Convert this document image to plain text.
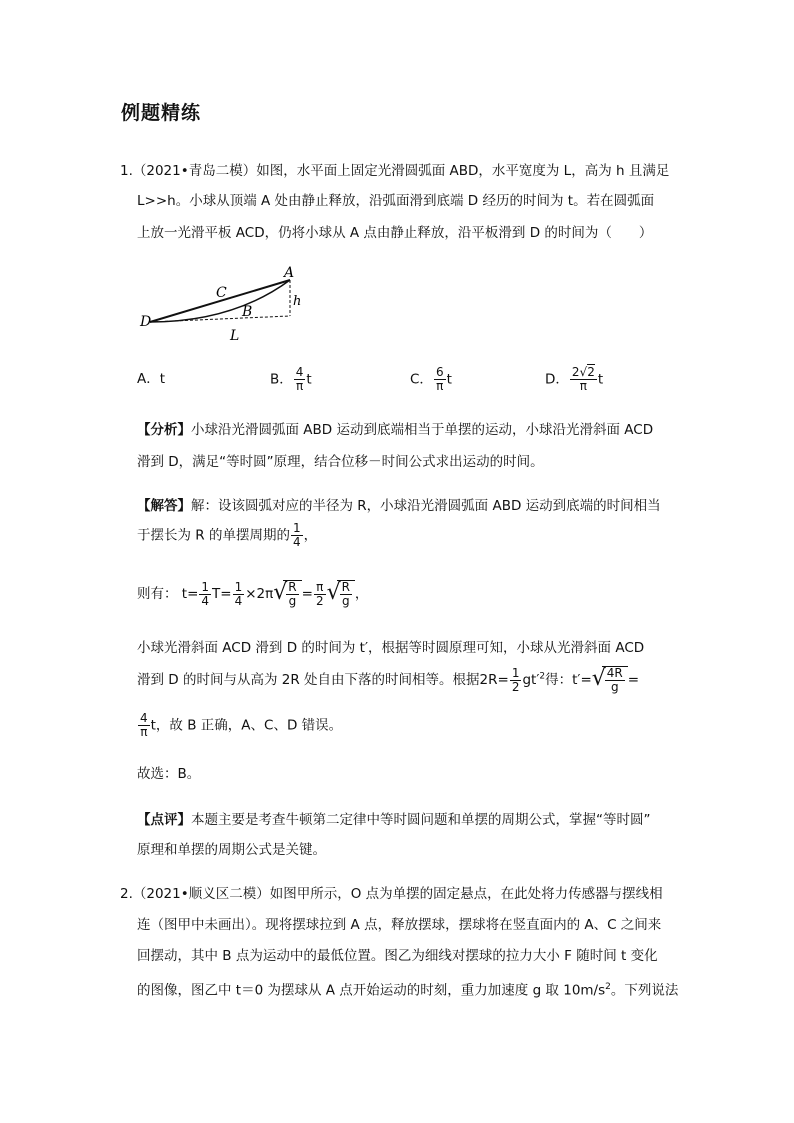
例题精练
1.（2021•青岛二模）如图，水平面上固定光滑圆弧面 ABD，水平宽度为 L，高为 h 且满足
L>>h。小球从顶端 A 处由静止释放，沿弧面滑到底端 D 经历的时间为 t。若在圆弧面
上放一光滑平板 ACD，仍将小球从 A 点由静止释放，沿平板滑到 D 的时间为（　　）
A
C
h
D
B
L
A．t	B． $\frac{4}{\pi}$ t	C． $\frac{6}{\pi}$ t	D． $\frac{2√2}{\pi}$ t
【分析】小球沿光滑圆弧面 ABD 运动到底端相当于单摆的运动，小球沿光滑斜面 ACD
滑到 D，满足“等时圆”原理，结合位移－时间公式求出运动的时间。
【解答】解：设该圆弧对应的半径为 R，小球沿光滑圆弧面 ABD 运动到底端的时间相当
于摆长为 R 的单摆周期的 $\frac{1}{4}$ ，
则有： $t= \frac{1}{4} T= \frac{1}{4} \times 2\pi$ √
$\frac{R}{g} = \frac{\pi}{2}$ √
$\frac{R}{g}$ ，
小球光滑斜面 ACD 滑到 D 的时间为 t′，根据等时圆原理可知，小球从光滑斜面 ACD
滑到 D 的时间与从高为 2R 处自由下落的时间相等。根据$2R= \frac{1}{2} gt'^2$得：t′= √
$\frac{4R}{g}$ =
$\frac{4}{\pi}$ t，故 B 正确，A、C、D 错误。
故选：B。
【点评】本题主要是考查牛顿第二定律中等时圆问题和单摆的周期公式，掌握“等时圆”
原理和单摆的周期公式是关键。
2.（2021•顺义区二模）如图甲所示，O 点为单摆的固定悬点，在此处将力传感器与摆线相
连（图甲中未画出）。现将摆球拉到 A 点，释放摆球，摆球将在竖直面内的 A、C 之间来
回摆动，其中 B 点为运动中的最低位置。图乙为细线对摆球的拉力大小 F 随时间 t 变化
的图像，图乙中 t＝0 为摆球从 A 点开始运动的时刻，重力加速度 g 取 $10m/s^2$。下列说法
